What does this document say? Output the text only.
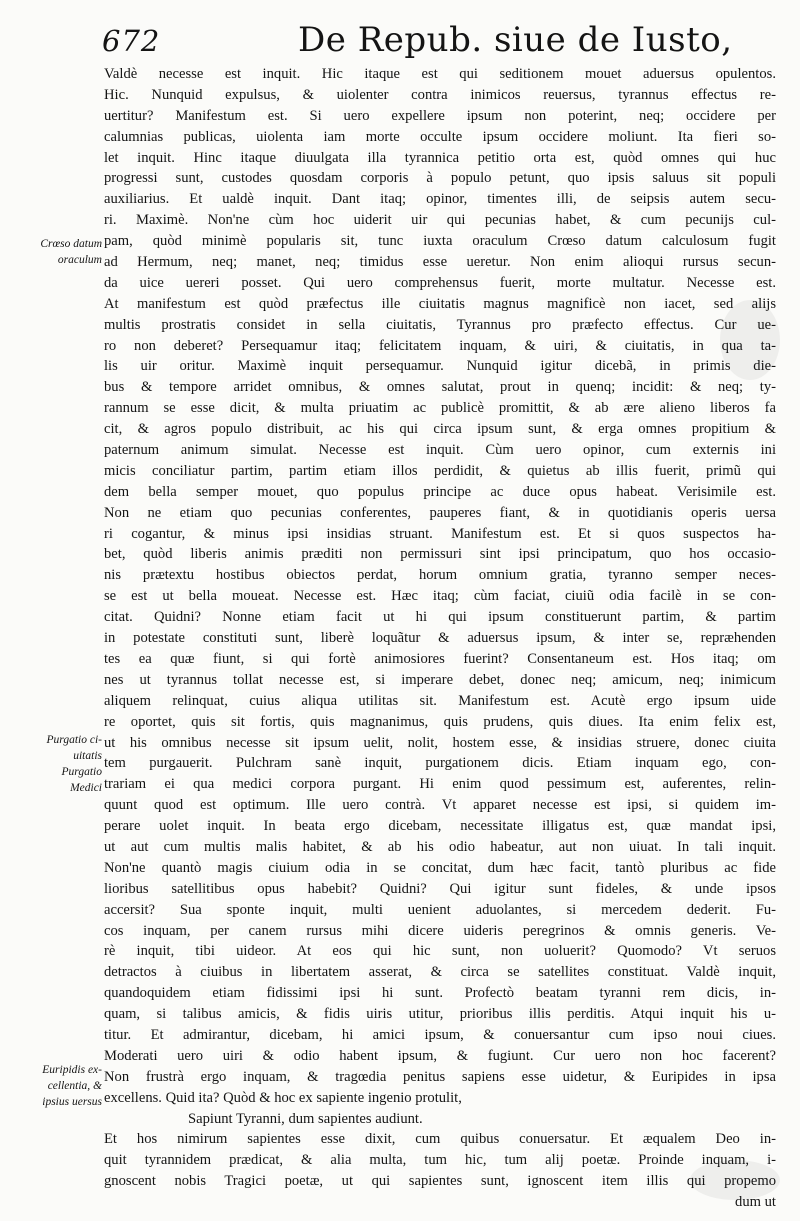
672	De Repub. siue de Iusto,
Crœso datum
oraculum
Purgatio ci-
uitatis
Purgatio
Medici
Euripidis ex-
cellentia, &
ipsius uersus
Valdè necesse est inquit. Hic itaque est qui seditionem mouet aduersus opulentos.
Hic. Nunquid expulsus, & uiolenter contra inimicos reuersus, tyrannus effectus re-
uertitur? Manifestum est. Si uero expellere ipsum non poterint, neq; occidere per
calumnias publicas, uiolenta iam morte occulte ipsum occidere moliunt. Ita fieri so-
let inquit. Hinc itaque diuulgata illa tyrannica petitio orta est, quòd omnes qui huc
progressi sunt, custodes quosdam corporis à populo petunt, quo ipsis saluus sit populi
auxiliarius. Et ualdè inquit. Dant itaq; opinor, timentes illi, de seipsis autem secu-
ri. Maximè. Non'ne cùm hoc uiderit uir qui pecunias habet, & cum pecunijs cul-
pam, quòd minimè popularis sit, tunc iuxta oraculum Crœso datum calculosum fugit
ad Hermum, neq; manet, neq; timidus esse ueretur. Non enim alioqui rursus secun-
da uice uereri posset. Qui uero comprehensus fuerit, morte multatur. Necesse est.
At manifestum est quòd præfectus ille ciuitatis magnus magnificè non iacet, sed alijs
multis prostratis considet in sella ciuitatis, Tyrannus pro præfecto effectus. Cur ue-
ro non deberet? Persequamur itaq; felicitatem inquam, & uiri, & ciuitatis, in qua ta-
lis uir oritur. Maximè inquit persequamur. Nunquid igitur dicebã, in primis die-
bus & tempore arridet omnibus, & omnes salutat, prout in quenq; incidit: & neq; ty-
rannum se esse dicit, & multa priuatim ac publicè promittit, & ab ære alieno liberos fa
cit, & agros populo distribuit, ac his qui circa ipsum sunt, & erga omnes propitium &
paternum animum simulat. Necesse est inquit. Cùm uero opinor, cum externis ini
micis conciliatur partim, partim etiam illos perdidit, & quietus ab illis fuerit, primũ qui
dem bella semper mouet, quo populus principe ac duce opus habeat. Verisimile est.
Non ne etiam quo pecunias conferentes, pauperes fiant, & in quotidianis operis uersa
ri cogantur, & minus ipsi insidias struant. Manifestum est. Et si quos suspectos ha-
bet, quòd liberis animis præditi non permissuri sint ipsi principatum, quo hos occasio-
nis prætextu hostibus obiectos perdat, horum omnium gratia, tyranno semper neces-
se est ut bella moueat. Necesse est. Hæc itaq; cùm faciat, ciuiũ odia facilè in se con-
citat. Quidni? Nonne etiam facit ut hi qui ipsum constituerunt partim, & partim
in potestate constituti sunt, liberè loquãtur & aduersus ipsum, & inter se, repræhenden
tes ea quæ fiunt, si qui fortè animosiores fuerint? Consentaneum est. Hos itaq; om
nes ut tyrannus tollat necesse est, si imperare debet, donec neq; amicum, neq; inimicum
aliquem relinquat, cuius aliqua utilitas sit. Manifestum est. Acutè ergo ipsum uide
re oportet, quis sit fortis, quis magnanimus, quis prudens, quis diues. Ita enim felix est,
ut his omnibus necesse sit ipsum uelit, nolit, hostem esse, & insidias struere, donec ciuita
tem purgauerit. Pulchram sanè inquit, purgationem dicis. Etiam inquam ego, con-
trariam ei qua medici corpora purgant. Hi enim quod pessimum est, auferentes, relin-
quunt quod est optimum. Ille uero contrà. Vt apparet necesse est ipsi, si quidem im-
perare uolet inquit. In beata ergo dicebam, necessitate illigatus est, quæ mandat ipsi,
ut aut cum multis malis habitet, & ab his odio habeatur, aut non uiuat. In tali inquit.
Non'ne quantò magis ciuium odia in se concitat, dum hæc facit, tantò pluribus ac fide
lioribus satellitibus opus habebit? Quidni? Qui igitur sunt fideles, & unde ipsos
accersit? Sua sponte inquit, multi uenient aduolantes, si mercedem dederit. Fu-
cos inquam, per canem rursus mihi dicere uideris peregrinos & omnis generis. Ve-
rè inquit, tibi uideor. At eos qui hic sunt, non uoluerit? Quomodo? Vt seruos
detractos à ciuibus in libertatem asserat, & circa se satellites constituat. Valdè inquit,
quandoquidem etiam fidissimi ipsi hi sunt. Profectò beatam tyranni rem dicis, in-
quam, si talibus amicis, & fidis uiris utitur, prioribus illis perditis. Atqui inquit his u-
titur. Et admirantur, dicebam, hi amici ipsum, & conuersantur cum ipso noui ciues.
Moderati uero uiri & odio habent ipsum, & fugiunt. Cur uero non hoc facerent?
Non frustrà ergo inquam, & tragœdia penitus sapiens esse uidetur, & Euripides in ipsa
excellens. Quid ita? Quòd & hoc ex sapiente ingenio protulit,
Sapiunt Tyranni, dum sapientes audiunt.
Et hos nimirum sapientes esse dixit, cum quibus conuersatur. Et æqualem Deo in-
quit tyrannidem prædicat, & alia multa, tum hic, tum alij poetæ. Proinde inquam, i-
gnoscent nobis Tragici poetæ, ut qui sapientes sunt, ignoscent item illis qui propemo
dum ut
